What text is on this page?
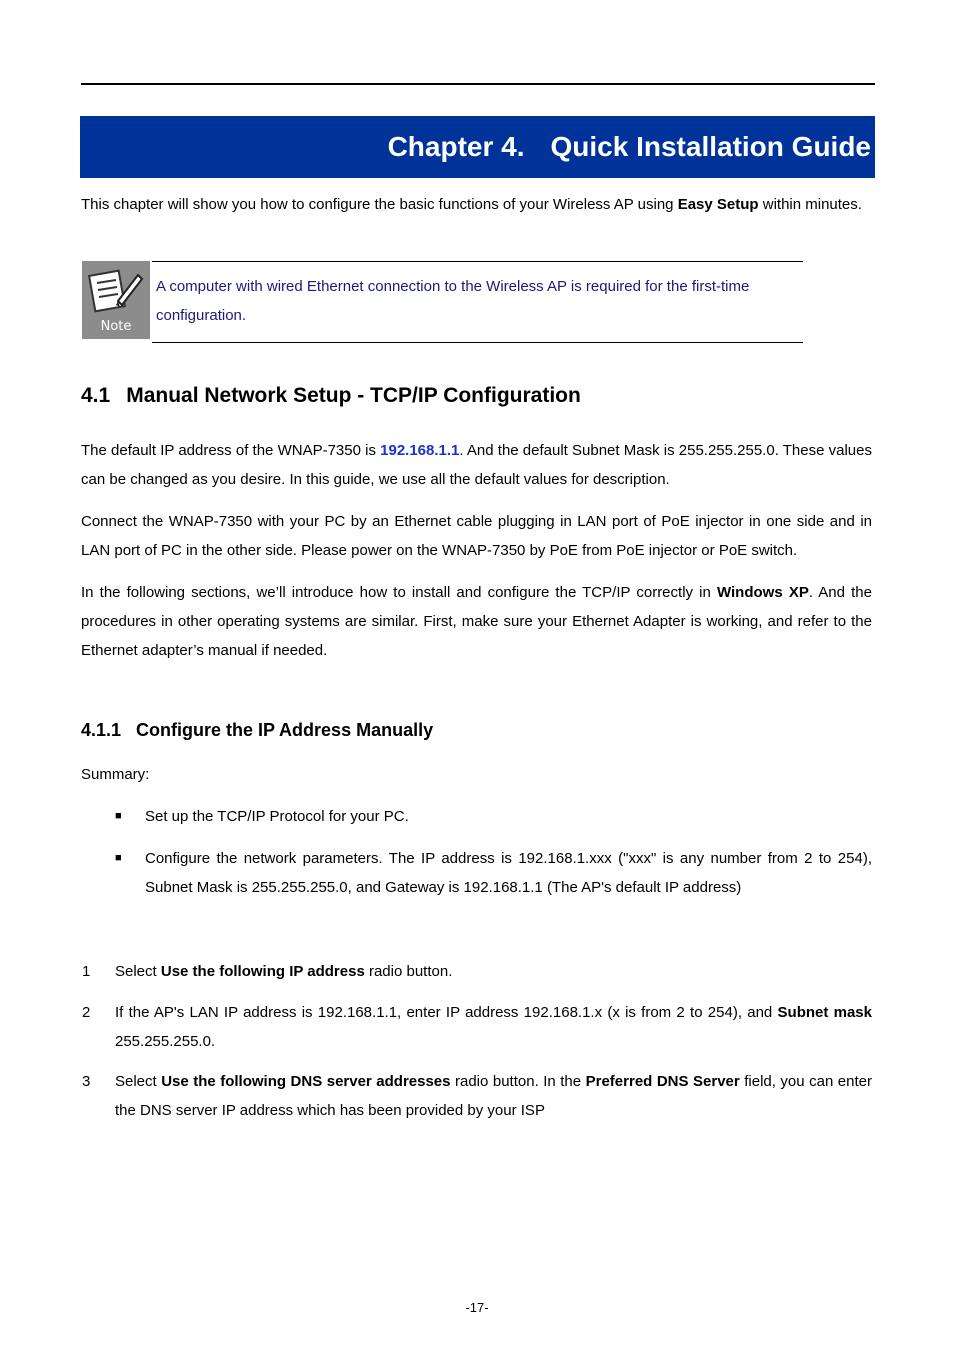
Chapter 4. Quick Installation Guide
This chapter will show you how to configure the basic functions of your Wireless AP using Easy Setup within minutes.
Note
A computer with wired Ethernet connection to the Wireless AP is required for the first-time configuration.
4.1 Manual Network Setup - TCP/IP Configuration
The default IP address of the WNAP-7350 is 192.168.1.1. And the default Subnet Mask is 255.255.255.0. These values can be changed as you desire. In this guide, we use all the default values for description.
Connect the WNAP-7350 with your PC by an Ethernet cable plugging in LAN port of PoE injector in one side and in LAN port of PC in the other side. Please power on the WNAP-7350 by PoE from PoE injector or PoE switch.
In the following sections, we’ll introduce how to install and configure the TCP/IP correctly in Windows XP. And the procedures in other operating systems are similar. First, make sure your Ethernet Adapter is working, and refer to the Ethernet adapter’s manual if needed.
4.1.1 Configure the IP Address Manually
Summary:
■ Set up the TCP/IP Protocol for your PC.
■ Configure the network parameters. The IP address is 192.168.1.xxx ("xxx" is any number from 2 to 254), Subnet Mask is 255.255.255.0, and Gateway is 192.168.1.1 (The AP's default IP address)
1 Select Use the following IP address radio button.
2 If the AP's LAN IP address is 192.168.1.1, enter IP address 192.168.1.x (x is from 2 to 254), and Subnet mask 255.255.255.0.
3 Select Use the following DNS server addresses radio button. In the Preferred DNS Server field, you can enter the DNS server IP address which has been provided by your ISP
-17-
